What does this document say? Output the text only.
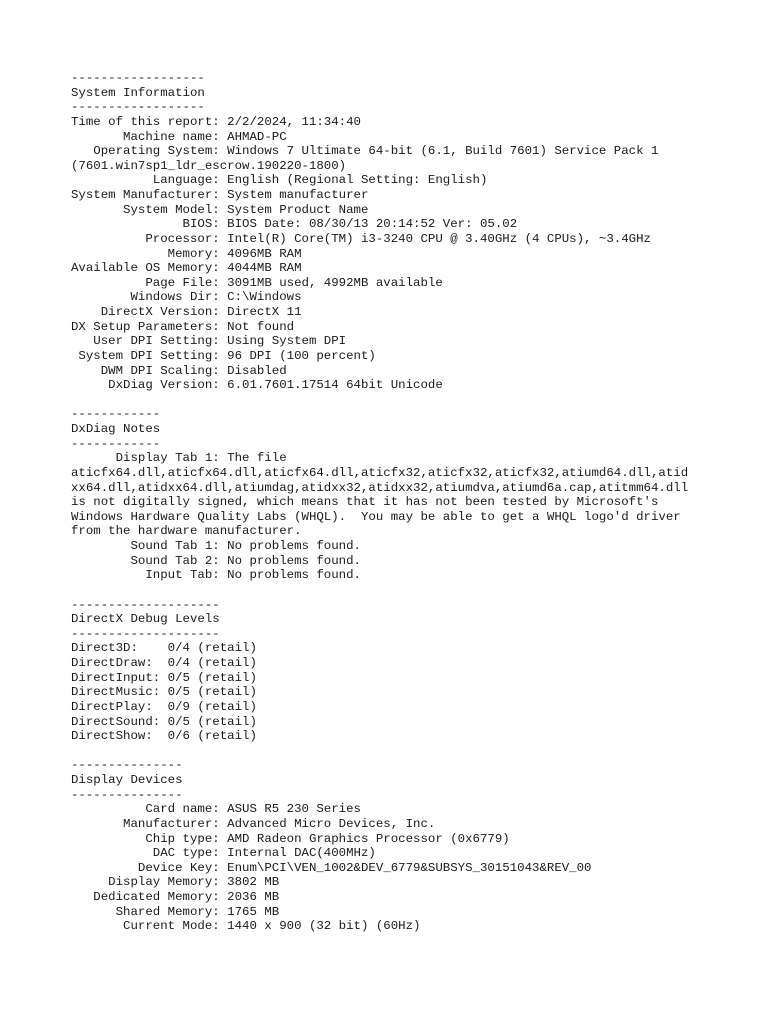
------------------
System Information
------------------
Time of this report: 2/2/2024, 11:34:40
Machine name: AHMAD-PC
Operating System: Windows 7 Ultimate 64-bit (6.1, Build 7601) Service Pack 1
(7601.win7sp1_ldr_escrow.190220-1800)
Language: English (Regional Setting: English)
System Manufacturer: System manufacturer
System Model: System Product Name
BIOS: BIOS Date: 08/30/13 20:14:52 Ver: 05.02
Processor: Intel(R) Core(TM) i3-3240 CPU @ 3.40GHz (4 CPUs), ~3.4GHz
Memory: 4096MB RAM
Available OS Memory: 4044MB RAM
Page File: 3091MB used, 4992MB available
Windows Dir: C:\Windows
DirectX Version: DirectX 11
DX Setup Parameters: Not found
User DPI Setting: Using System DPI
System DPI Setting: 96 DPI (100 percent)
DWM DPI Scaling: Disabled
DxDiag Version: 6.01.7601.17514 64bit Unicode

------------
DxDiag Notes
------------
Display Tab 1: The file
aticfx64.dll,aticfx64.dll,aticfx64.dll,aticfx32,aticfx32,aticfx32,atiumd64.dll,atid
xx64.dll,atidxx64.dll,atiumdag,atidxx32,atidxx32,atiumdva,atiumd6a.cap,atitmm64.dll
is not digitally signed, which means that it has not been tested by Microsoft's
Windows Hardware Quality Labs (WHQL).  You may be able to get a WHQL logo'd driver
from the hardware manufacturer.
Sound Tab 1: No problems found.
Sound Tab 2: No problems found.
Input Tab: No problems found.

--------------------
DirectX Debug Levels
--------------------
Direct3D:    0/4 (retail)
DirectDraw:  0/4 (retail)
DirectInput: 0/5 (retail)
DirectMusic: 0/5 (retail)
DirectPlay:  0/9 (retail)
DirectSound: 0/5 (retail)
DirectShow:  0/6 (retail)

---------------
Display Devices
---------------
Card name: ASUS R5 230 Series
Manufacturer: Advanced Micro Devices, Inc.
Chip type: AMD Radeon Graphics Processor (0x6779)
DAC type: Internal DAC(400MHz)
Device Key: Enum\PCI\VEN_1002&DEV_6779&SUBSYS_30151043&REV_00
Display Memory: 3802 MB
Dedicated Memory: 2036 MB
Shared Memory: 1765 MB
Current Mode: 1440 x 900 (32 bit) (60Hz)
